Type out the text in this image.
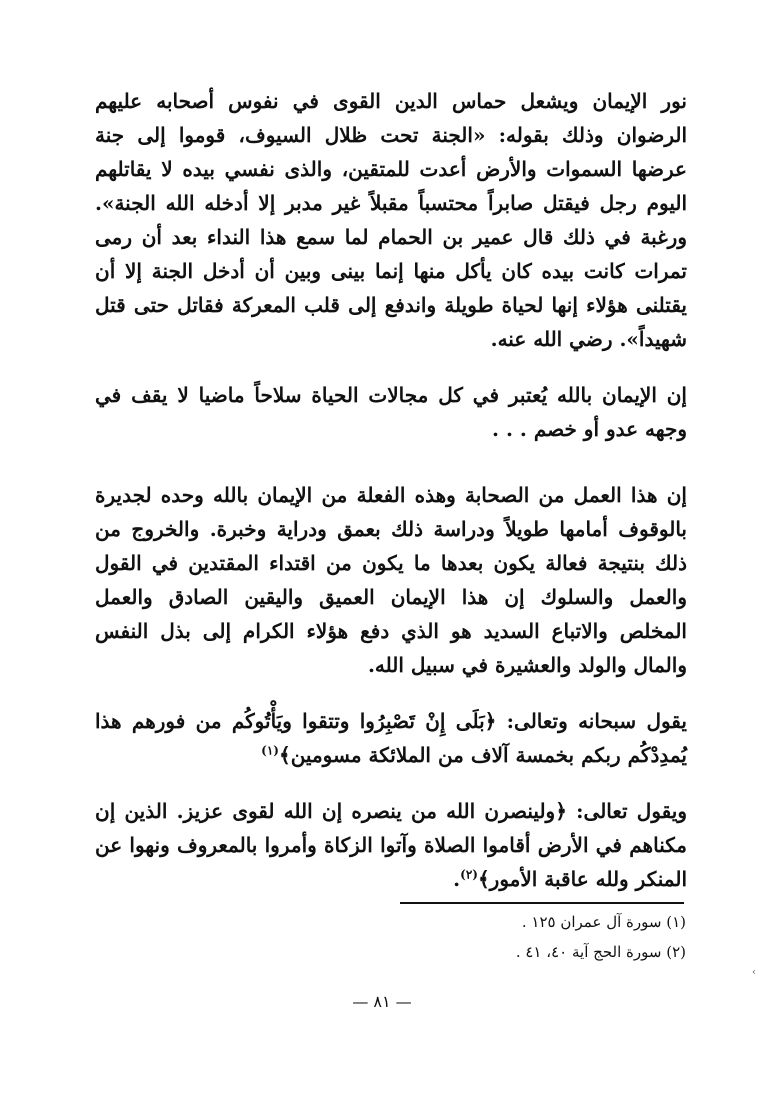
نور الإيمان ويشعل حماس الدين القوى في نفوس أصحابه عليهم الرضوان وذلك بقوله: «الجنة تحت ظلال السيوف، قوموا إلى جنة عرضها السموات والأرض أعدت للمتقين، والذى نفسي بيده لا يقاتلهم اليوم رجل فيقتل صابراً محتسباً مقبلاً غير مدبر إلا أدخله الله الجنة». ورغبة في ذلك قال عمير بن الحمام لما سمع هذا النداء بعد أن رمى تمرات كانت بيده كان يأكل منها إنما بينى وبين أن أدخل الجنة إلا أن يقتلنى هؤلاء إنها لحياة طويلة واندفع إلى قلب المعركة فقاتل حتى قتل شهيداً». رضي الله عنه.

إن الإيمان بالله يُعتبر في كل مجالات الحياة سلاحاً ماضيا لا يقف في وجهه عدو أو خصم . . .

إن هذا العمل من الصحابة وهذه الفعلة من الإيمان بالله وحده لجديرة بالوقوف أمامها طويلاً ودراسة ذلك بعمق ودراية وخبرة. والخروج من ذلك بنتيجة فعالة يكون بعدها ما يكون من اقتداء المقتدين في القول والعمل والسلوك إن هذا الإيمان العميق واليقين الصادق والعمل المخلص والاتباع السديد هو الذي دفع هؤلاء الكرام إلى بذل النفس والمال والولد والعشيرة في سبيل الله.

يقول سبحانه وتعالى: ﴿بَلَى إِنْ تَصْبِرُوا وتتقوا ويَأْتُوكُم من فورهم هذا يُمدِدْكُم ربكم بخمسة آلاف من الملائكة مسومين﴾$^{(١)}$

ويقول تعالى: ﴿ولينصرن الله من ينصره إن الله لقوى عزيز. الذين إن مكناهم في الأرض أقاموا الصلاة وآتوا الزكاة وأمروا بالمعروف ونهوا عن المنكر ولله عاقبة الأمور﴾$^{(٢)}$.

(١) سورة آل عمران ١٢٥ .
(٢) سورة الحج آية ٤٠، ٤١ .
— ٨١ —
‹
